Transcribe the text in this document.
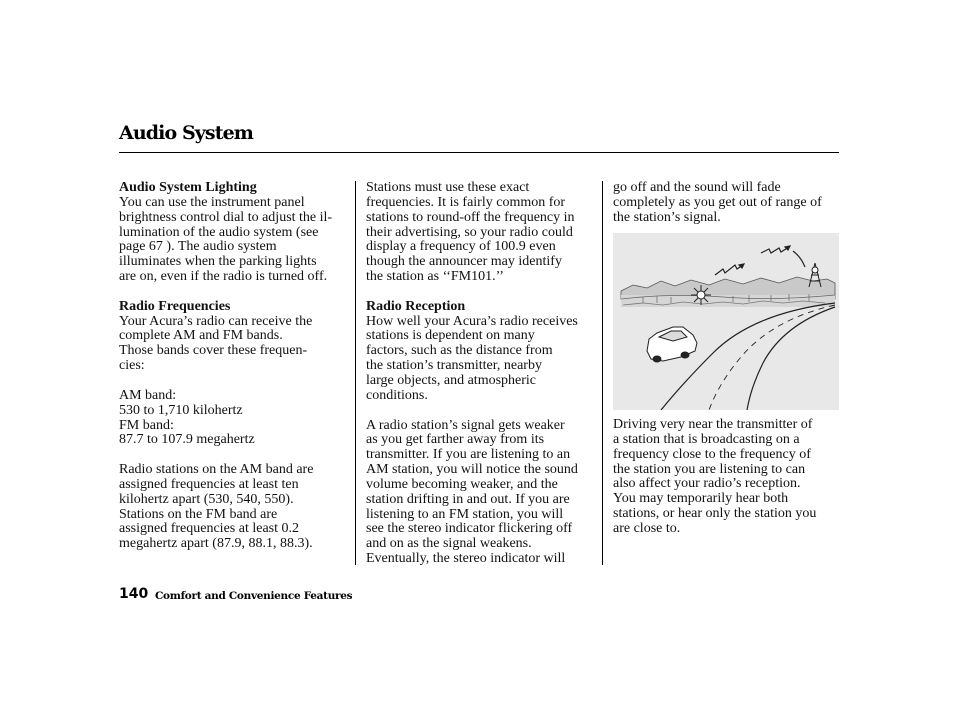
Audio System
Audio System Lighting

You can use the instrument panel
brightness control dial to adjust the il-
lumination of the audio system (see
page 67 ). The audio system
illuminates when the parking lights
are on, even if the radio is turned off.

Radio Frequencies

Your Acura’s radio can receive the
complete AM and FM bands.
Those bands cover these frequen-
cies:

AM band:

530 to 1,710 kilohertz

FM band:

87.7 to 107.9 megahertz

Radio stations on the AM band are
assigned frequencies at least ten
kilohertz apart (530, 540, 550).
Stations on the FM band are
assigned frequencies at least 0.2
megahertz apart (87.9, 88.1, 88.3).

Stations must use these exact
frequencies. It is fairly common for
stations to round-off the frequency in
their advertising, so your radio could
display a frequency of 100.9 even
though the announcer may identify
the station as ‘‘FM101.’’

Radio Reception

How well your Acura’s radio receives
stations is dependent on many
factors, such as the distance from
the station’s transmitter, nearby
large objects, and atmospheric
conditions.

A radio station’s signal gets weaker
as you get farther away from its
transmitter. If you are listening to an
AM station, you will notice the sound
volume becoming weaker, and the
station drifting in and out. If you are
listening to an FM station, you will
see the stereo indicator flickering off
and on as the signal weakens.
Eventually, the stereo indicator will

go off and the sound will fade
completely as you get out of range of
the station’s signal.

Driving very near the transmitter of
a station that is broadcasting on a
frequency close to the frequency of
the station you are listening to can
also affect your radio’s reception.
You may temporarily hear both
stations, or hear only the station you
are close to.

140 Comfort and Convenience Features
